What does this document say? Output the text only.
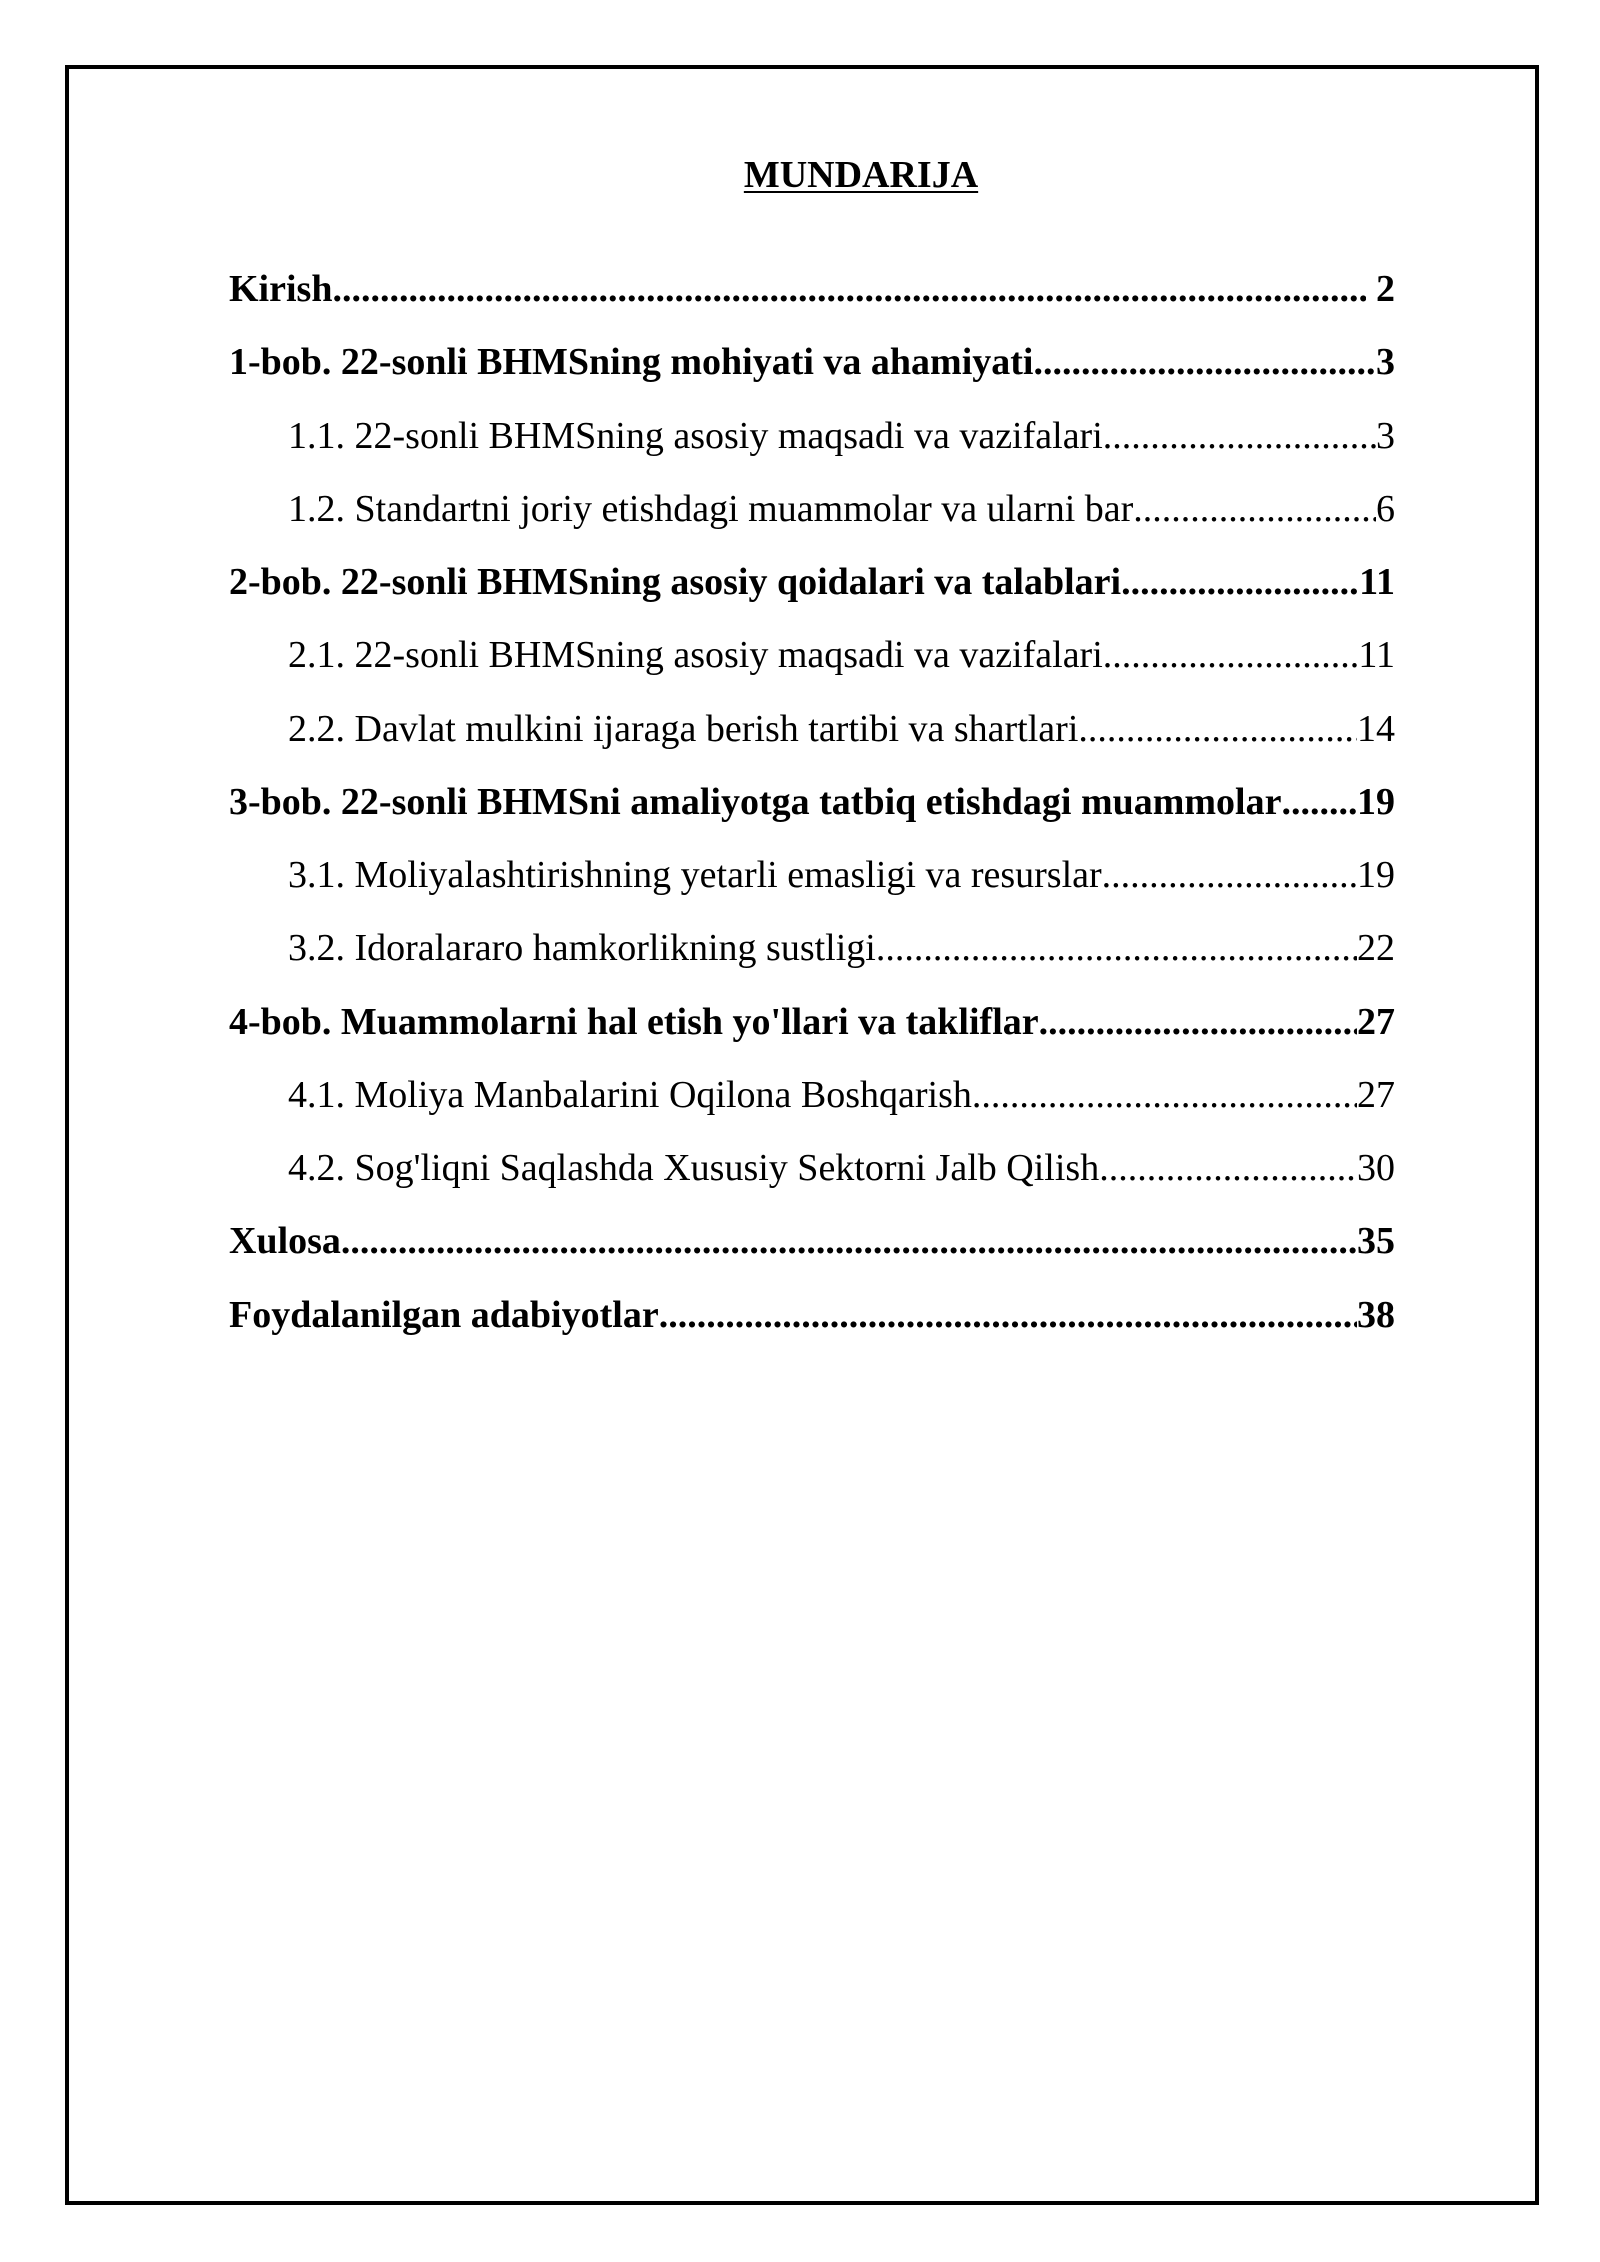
MUNDARIJA
Kirish .....	2
1-bob. 22-sonli BHMSning mohiyati va ahamiyati .....	3
1.1. 22-sonli BHMSning asosiy maqsadi va vazifalari .....	3
1.2. Standartni joriy etishdagi muammolar va ularni bar .....	6
2-bob. 22-sonli BHMSning asosiy qoidalari va talablari .....	11
2.1. 22-sonli BHMSning asosiy maqsadi va vazifalari .....	11
2.2. Davlat mulkini ijaraga berish tartibi va shartlari .....	14
3-bob. 22-sonli BHMSni amaliyotga tatbiq etishdagi muammolar ..... 19
3.1. Moliyalashtirishning yetarli emasligi va resurslar .....	19
3.2. Idoralararo hamkorlikning sustligi .....	22
4-bob. Muammolarni hal etish yo'llari va takliflar .....	27
4.1. Moliya Manbalarini Oqilona Boshqarish .....	27
4.2. Sog'liqni Saqlashda Xususiy Sektorni Jalb Qilish .....	30
Xulosa .....	35
Foydalanilgan adabiyotlar .....	38
